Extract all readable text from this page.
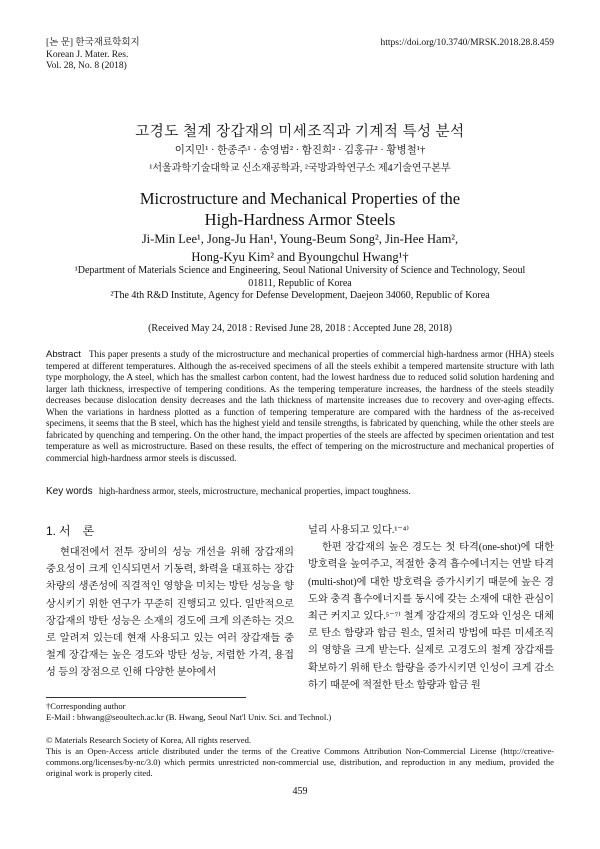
[논 문] 한국재료학회지
Korean J. Mater. Res.
Vol. 28, No. 8 (2018)
https://doi.org/10.3740/MRSK.2018.28.8.459
고경도 철계 장갑재의 미세조직과 기계적 특성 분석
이지민¹ · 한종주¹ · 송영범² · 함진희² · 김홍규² · 황병철¹†
¹서울과학기술대학교 신소재공학과, ²국방과학연구소 제4기술연구본부
Microstructure and Mechanical Properties of the
High-Hardness Armor Steels
Ji-Min Lee¹, Jong-Ju Han¹, Young-Beum Song², Jin-Hee Ham²,
Hong-Kyu Kim² and Byoungchul Hwang¹†
¹Department of Materials Science and Engineering, Seoul National University of Science and Technology, Seoul 01811, Republic of Korea
²The 4th R&D Institute, Agency for Defense Development, Daejeon 34060, Republic of Korea
(Received May 24, 2018 : Revised June 28, 2018 : Accepted June 28, 2018)
Abstract This paper presents a study of the microstructure and mechanical properties of commercial high-hardness armor (HHA) steels tempered at different temperatures. Although the as-received specimens of all the steels exhibit a tempered martensite structure with lath type morphology, the A steel, which has the smallest carbon content, had the lowest hardness due to reduced solid solution hardening and larger lath thickness, irrespective of tempering conditions. As the tempering temperature increases, the hardness of the steels steadily decreases because dislocation density decreases and the lath thickness of martensite increases due to recovery and over-aging effects. When the variations in hardness plotted as a function of tempering temperature are compared with the hardness of the as-received specimens, it seems that the B steel, which has the highest yield and tensile strengths, is fabricated by quenching, while the other steels are fabricated by quenching and tempering. On the other hand, the impact properties of the steels are affected by specimen orientation and test temperature as well as microstructure. Based on these results, the effect of tempering on the microstructure and mechanical properties of commercial high-hardness armor steels is discussed.
Key words high-hardness armor, steels, microstructure, mechanical properties, impact toughness.
1. 서    론
현대전에서 전투 장비의 성능 개선을 위해 장갑재의 중요성이 크게 인식되면서 기동력, 화력을 대표하는 장갑차량의 생존성에 직결적인 영향을 미치는 방탄 성능을 향상시키기 위한 연구가 꾸준히 진행되고 있다. 일반적으로 장갑재의 방탄 성능은 소재의 경도에 크게 의존하는 것으로 알려져 있는데 현재 사용되고 있는 여러 장갑재들 중 철계 장갑재는 높은 경도와 방탄 성능, 저렴한 가격, 용접성 등의 장점으로 인해 다양한 분야에서

널리 사용되고 있다.¹⁻⁴⁾

한편 장갑재의 높은 경도는 첫 타격(one-shot)에 대한 방호력을 높여주고, 적절한 충격 흡수에너지는 연발 타격(multi-shot)에 대한 방호력을 증가시키기 때문에 높은 경도와 충격 흡수에너지를 동시에 갖는 소재에 대한 관심이 최근 커지고 있다.⁵⁻⁷⁾ 철계 장갑재의 경도와 인성은 대체로 탄소 함량과 합금 원소, 열처리 방법에 따른 미세조직의 영향을 크게 받는다. 실제로 고경도의 철계 장갑재를 확보하기 위해 탄소 함량을 증가시키면 인성이 크게 감소하기 때문에 적절한 탄소 함량과 합금 원

†Corresponding author
E-Mail : bhwang@seoultech.ac.kr (B. Hwang, Seoul Nat'l Univ. Sci. and Technol.)
© Materials Research Society of Korea, All rights reserved.
This is an Open-Access article distributed under the terms of the Creative Commons Attribution Non-Commercial License (http://creative-commons.org/licenses/by-nc/3.0) which permits unrestricted non-commercial use, distribution, and reproduction in any medium, provided the original work is properly cited.
459
